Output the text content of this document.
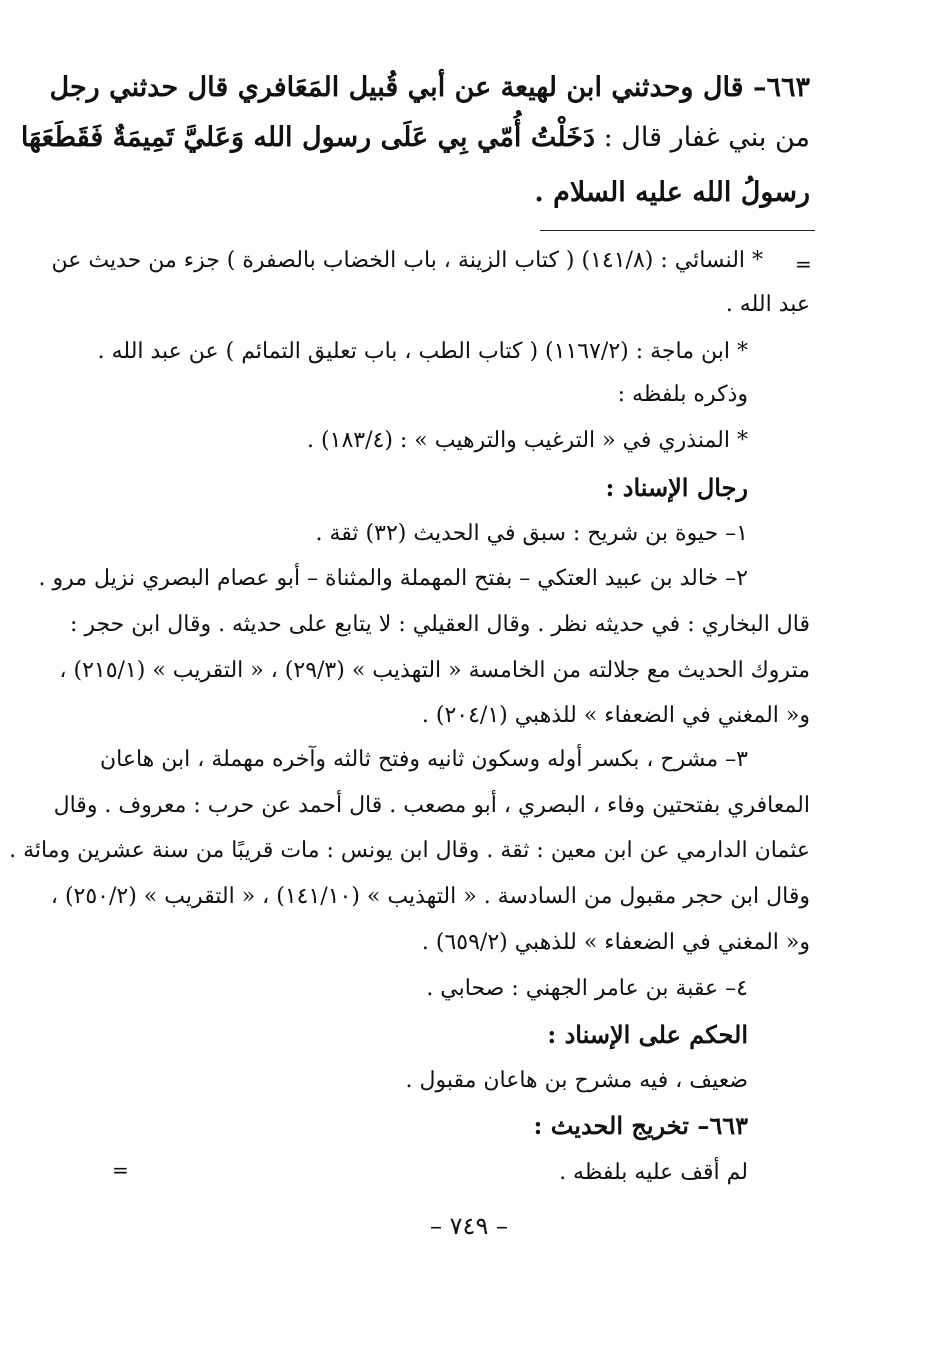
٦٦٣– قال وحدثني ابن لهيعة عن أبي قُبيل المَعَافري قال حدثني رجل
من بني غفار قال : دَخَلْتُ أُمّي بِي عَلَى رسول الله وَعَليَّ تَمِيمَةٌ فَقَطَعَهَا
رسولُ الله عليه السلام .
=
* النسائي : (١٤١/٨) ( كتاب الزينة ، باب الخضاب بالصفرة ) جزء من حديث عن
عبد الله .
* ابن ماجة : (١١٦٧/٢) ( كتاب الطب ، باب تعليق التمائم ) عن عبد الله .
وذكره بلفظه :
* المنذري في « الترغيب والترهيب » : (١٨٣/٤) .
رجال الإسناد :
١– حيوة بن شريح : سبق في الحديث (٣٢) ثقة .
٢– خالد بن عبيد العتكي – بفتح المهملة والمثناة – أبو عصام البصري نزيل مرو .
قال البخاري : في حديثه نظر . وقال العقيلي : لا يتابع على حديثه . وقال ابن حجر :
متروك الحديث مع جلالته من الخامسة « التهذيب » (٢٩/٣) ، « التقريب » (٢١٥/١) ،
و« المغني في الضعفاء » للذهبي (٢٠٤/١) .
٣– مشرح ، بكسر أوله وسكون ثانيه وفتح ثالثه وآخره مهملة ، ابن هاعان
المعافري بفتحتين وفاء ، البصري ، أبو مصعب . قال أحمد عن حرب : معروف . وقال
عثمان الدارمي عن ابن معين : ثقة . وقال ابن يونس : مات قريبًا من سنة عشرين ومائة .
وقال ابن حجر مقبول من السادسة . « التهذيب » (١٤١/١٠) ، « التقريب » (٢٥٠/٢) ،
و« المغني في الضعفاء » للذهبي (٦٥٩/٢) .
٤– عقبة بن عامر الجهني : صحابي .
الحكم على الإسناد :
ضعيف ، فيه مشرح بن هاعان مقبول .
٦٦٣– تخريج الحديث :
=	لم أقف عليه بلفظه .
– ٧٤٩ –
